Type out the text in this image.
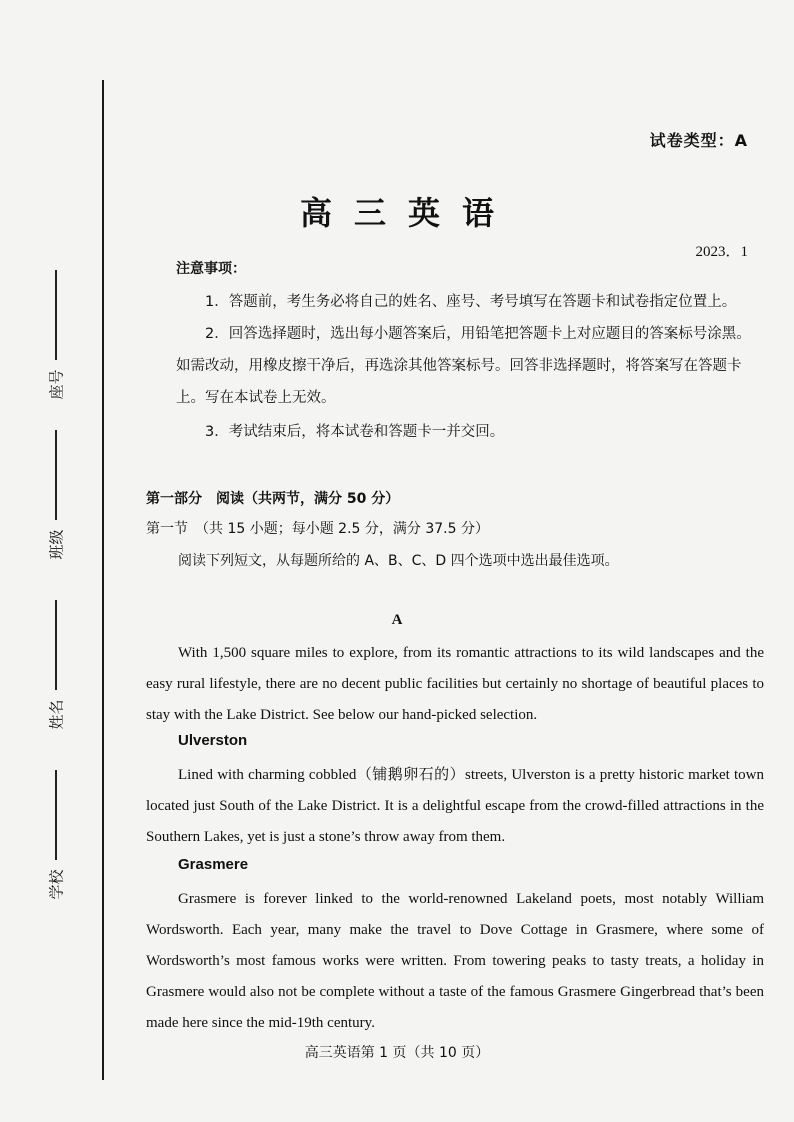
座号
班级
姓名
学校
试卷类型：A
高三英语
2023．1
注意事项：
1．答题前，考生务必将自己的姓名、座号、考号填写在答题卡和试卷指定位置上。
2．回答选择题时，选出每小题答案后，用铅笔把答题卡上对应题目的答案标号涂黑。如需改动，用橡皮擦干净后，再选涂其他答案标号。回答非选择题时，将答案写在答题卡上。写在本试卷上无效。
3．考试结束后，将本试卷和答题卡一并交回。
第一部分　阅读（共两节，满分 50 分）
第一节　（共 15 小题；每小题 2.5 分，满分 37.5 分）
阅读下列短文，从每题所给的 A、B、C、D 四个选项中选出最佳选项。
A
With 1,500 square miles to explore, from its romantic attractions to its wild landscapes and the easy rural lifestyle, there are no decent public facilities but certainly no shortage of beautiful places to stay with the Lake District. See below our hand-picked selection.
Ulverston
Lined with charming cobbled（铺鹅卵石的）streets, Ulverston is a pretty historic market town located just South of the Lake District. It is a delightful escape from the crowd-filled attractions in the Southern Lakes, yet is just a stone’s throw away from them.
Grasmere
Grasmere is forever linked to the world-renowned Lakeland poets, most notably William Wordsworth. Each year, many make the travel to Dove Cottage in Grasmere, where some of Wordsworth’s most famous works were written. From towering peaks to tasty treats, a holiday in Grasmere would also not be complete without a taste of the famous Grasmere Gingerbread that’s been made here since the mid-19th century.
高三英语第 1 页（共 10 页）
